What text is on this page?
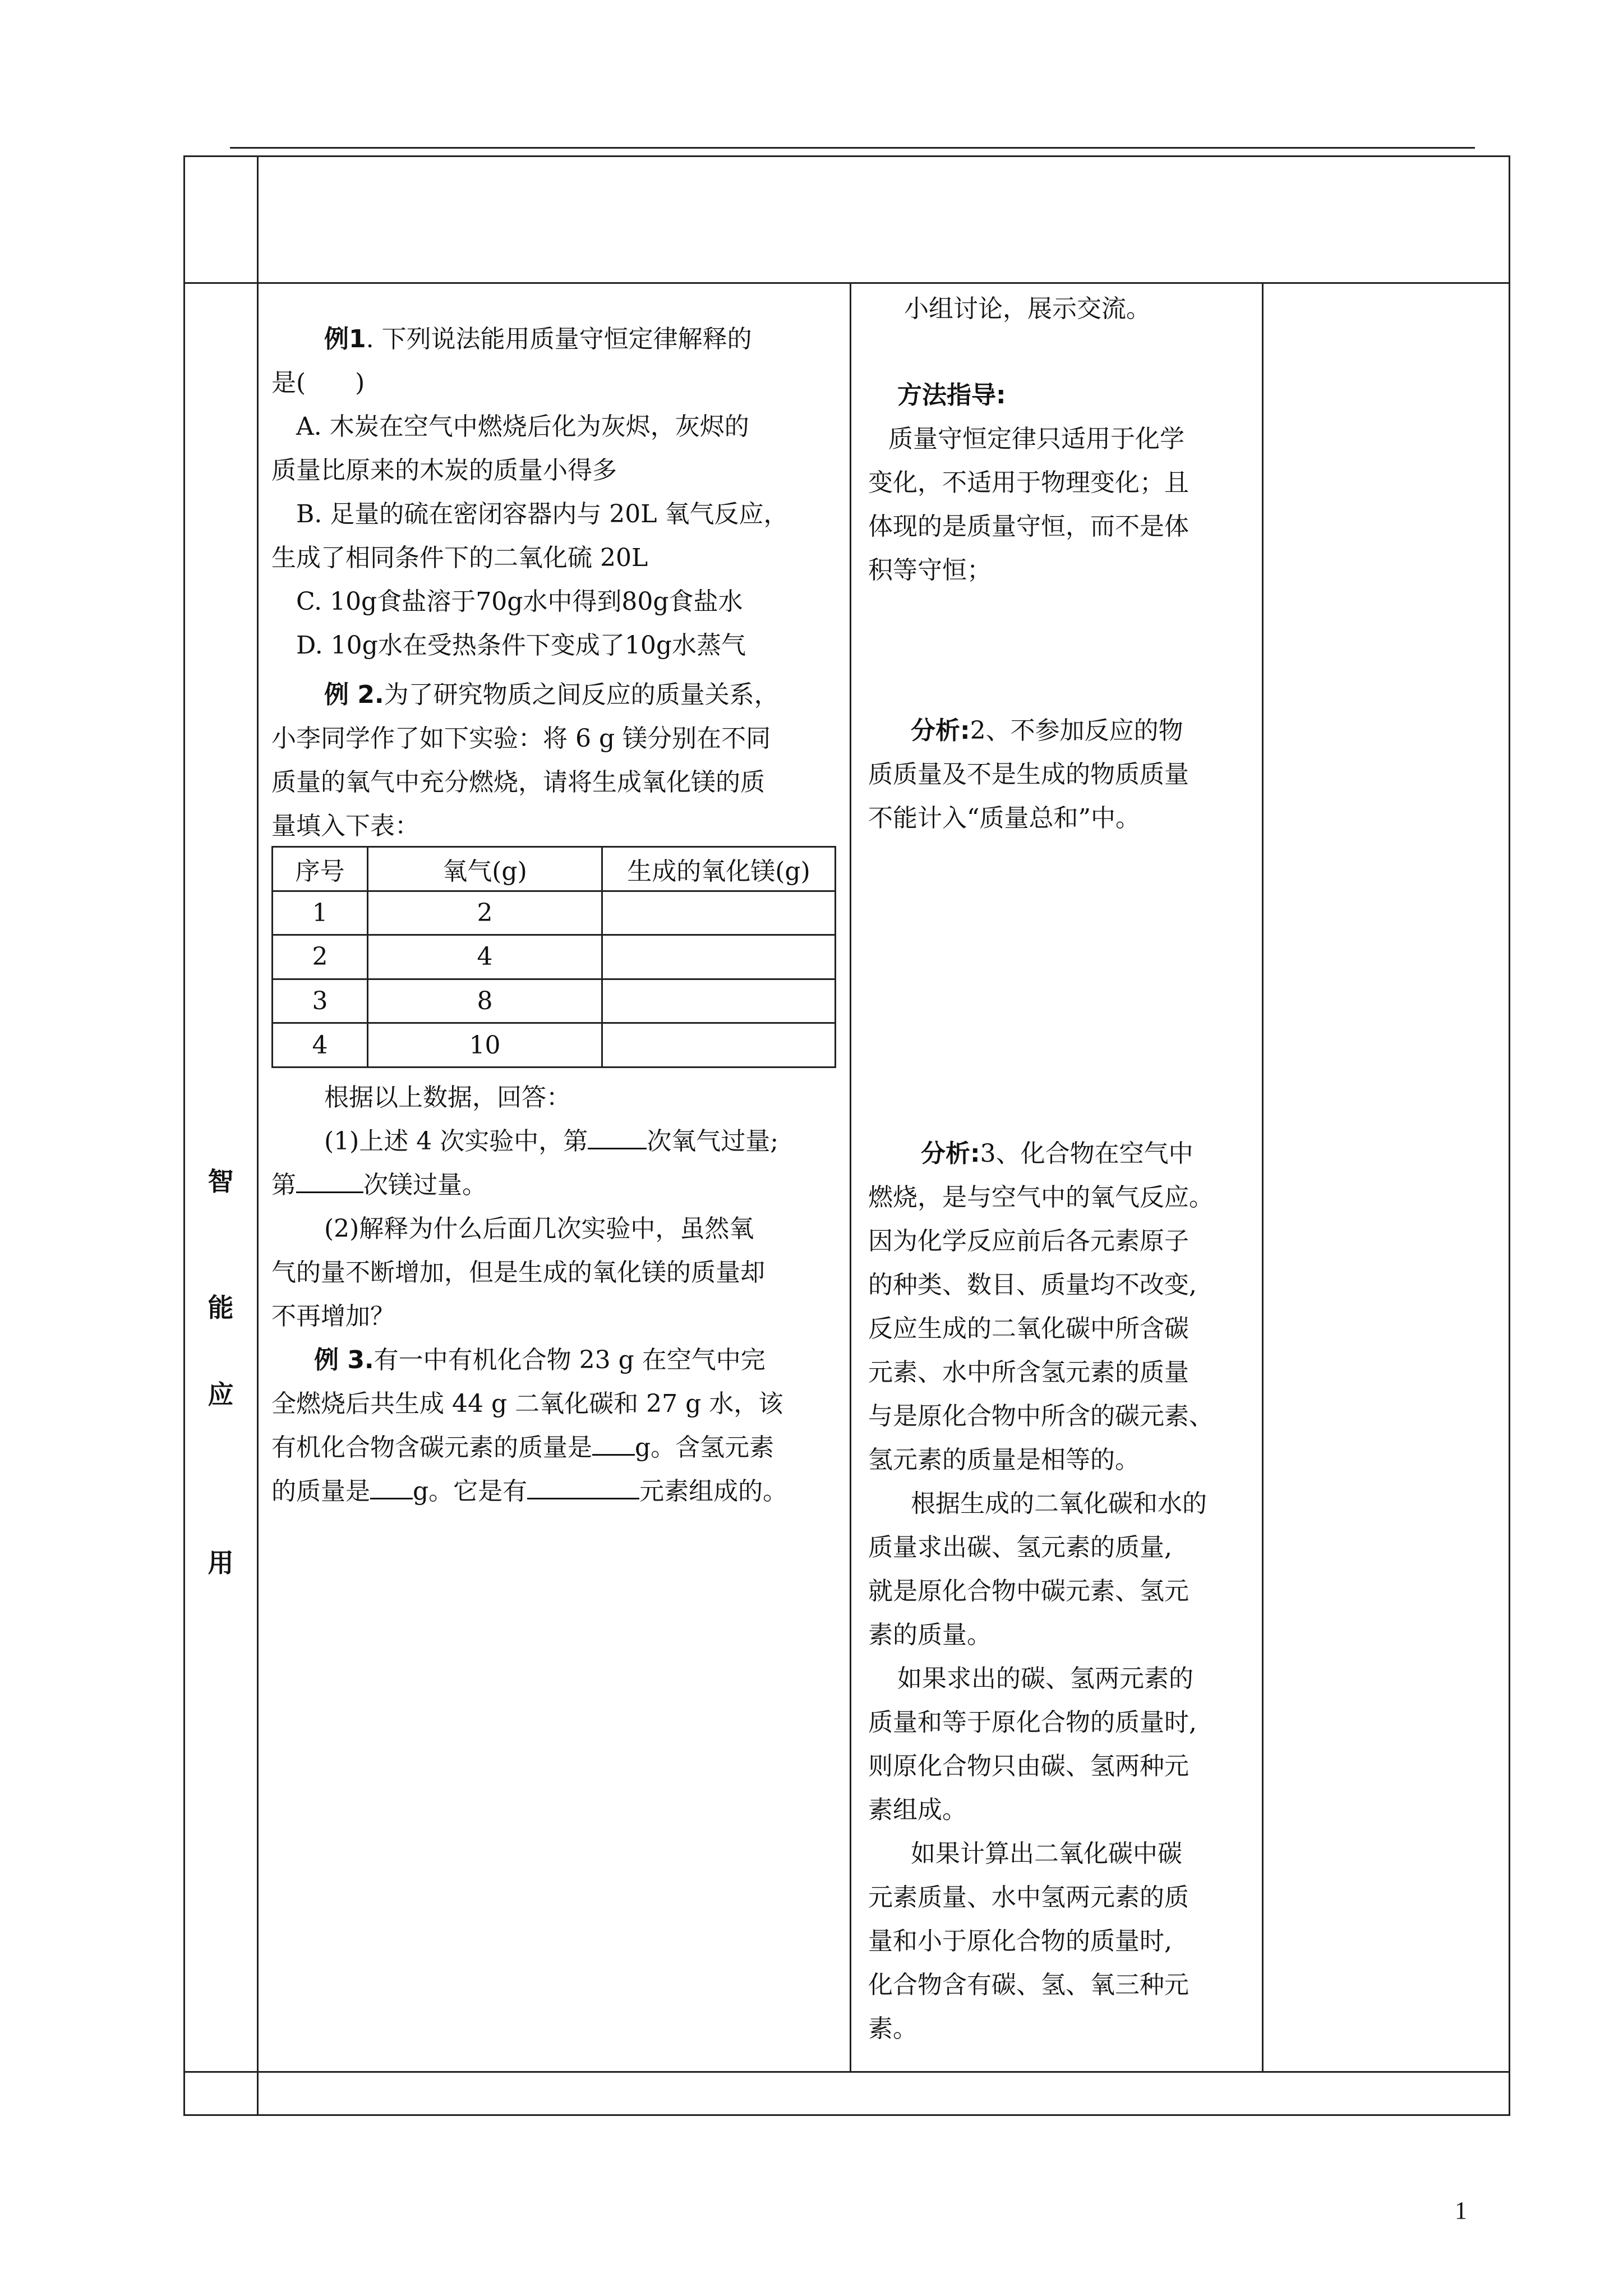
智
能
应
用

例1. 下列说法能用质量守恒定律解释的

是(　　)

A. 木炭在空气中燃烧后化为灰烬，灰烬的

质量比原来的木炭的质量小得多

B. 足量的硫在密闭容器内与 20L 氧气反应，

生成了相同条件下的二氧化硫 20L

C. 10g食盐溶于70g水中得到80g食盐水

D. 10g水在受热条件下变成了10g水蒸气

例 2.为了研究物质之间反应的质量关系，

小李同学作了如下实验：将 6 g 镁分别在不同

质量的氧气中充分燃烧，请将生成氧化镁的质

量填入下表：

序号	氧气(g)	生成的氧化镁(g)
1	2	
2	4	
3	8	
4	10	

根据以上数据，回答：

(1)上述 4 次实验中，第 次氧气过量;

第	次镁过量。

(2)解释为什么后面几次实验中，虽然氧

气的量不断增加，但是生成的氧化镁的质量却

不再增加？

例 3.有一中有机化合物 23 g 在空气中完

全燃烧后共生成 44 g 二氧化碳和 27 g 水，该

有机化合物含碳元素的质量是 g。含氢元素

的质量是 g。它是有	元素组成的。

小组讨论，展示交流。

方法指导:

质量守恒定律只适用于化学

变化，不适用于物理变化；且

体现的是质量守恒，而不是体

积等守恒；

分析:2、不参加反应的物

质质量及不是生成的物质质量

不能计入“质量总和”中。

分析:3、化合物在空气中

燃烧，是与空气中的氧气反应。

因为化学反应前后各元素原子

的种类、数目、质量均不改变,

反应生成的二氧化碳中所含碳

元素、水中所含氢元素的质量

与是原化合物中所含的碳元素、

氢元素的质量是相等的。

根据生成的二氧化碳和水的

质量求出碳、氢元素的质量,

就是原化合物中碳元素、氢元

素的质量。

如果求出的碳、氢两元素的

质量和等于原化合物的质量时,

则原化合物只由碳、氢两种元

素组成。

如果计算出二氧化碳中碳

元素质量、水中氢两元素的质

量和小于原化合物的质量时,

化合物含有碳、氢、氧三种元

素。

1
